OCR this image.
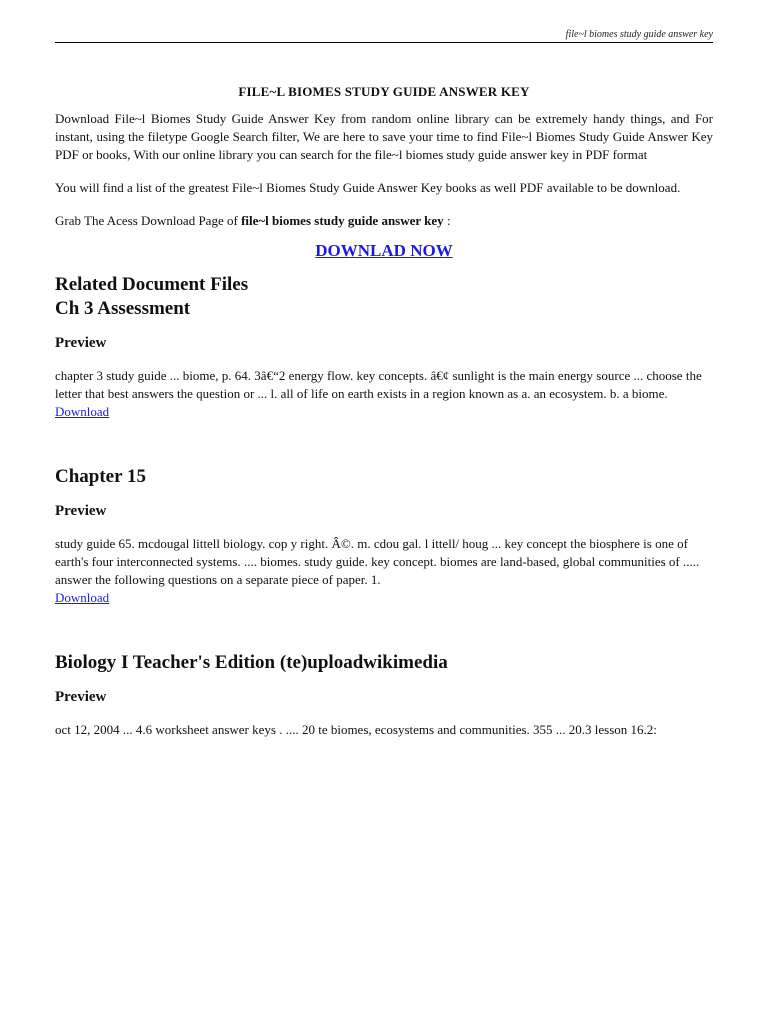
file~l biomes study guide answer key
FILE~L BIOMES STUDY GUIDE ANSWER KEY

Download File~l Biomes Study Guide Answer Key from random online library can be extremely handy things, and For instant, using the filetype Google Search filter, We are here to save your time to find File~l Biomes Study Guide Answer Key PDF or books, With our online library you can search for the file~l biomes study guide answer key in PDF format

You will find a list of the greatest File~l Biomes Study Guide Answer Key books as well PDF available to be download.

Grab The Acess Download Page of file~l biomes study guide answer key :

DOWNLAD NOW
Related Document Files
Ch 3 Assessment
Preview

chapter 3 study guide ... biome, p. 64. 3â€“2 energy flow. key concepts. â€¢ sunlight is the main energy source ... choose the letter that best answers the question or ... l. all of life on earth exists in a region known as a. an ecosystem. b. a biome.

Download
Chapter 15
Preview

study guide 65. mcdougal littell biology. cop y right. Â©. m. cdou gal. l ittell/ houg ... key concept the biosphere is one of earth's four interconnected systems. .... biomes. study guide. key concept. biomes are land-based, global communities of ..... answer the following questions on a separate piece of paper. 1.

Download
Biology I Teacher's Edition (te)uploadwikimedia
Preview

oct 12, 2004 ... 4.6 worksheet answer keys . .... 20 te biomes, ecosystems and communities. 355 ... 20.3 lesson 16.2:
